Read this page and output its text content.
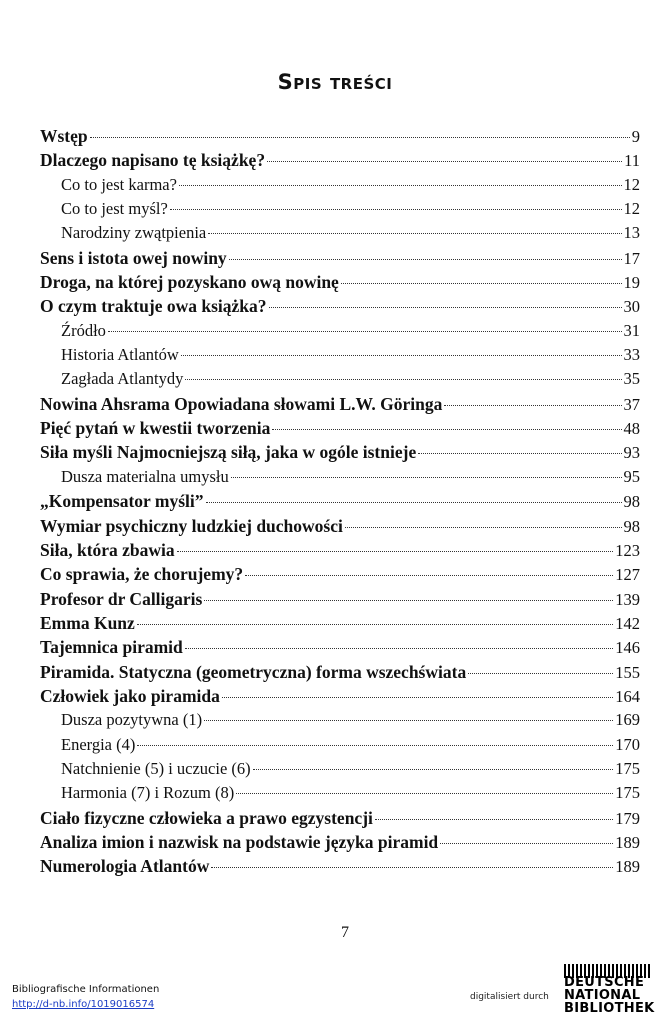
Spis treści
Wstęp	9
Dlaczego napisano tę książkę?	11
Co to jest karma?	12
Co to jest myśl?	12
Narodziny zwątpienia	13
Sens i istota owej nowiny	17
Droga, na której pozyskano ową nowinę	19
O czym traktuje owa książka?	30
Źródło	31
Historia Atlantów	33
Zagłada Atlantydy	35
Nowina Ahsrama Opowiadana słowami L.W. Göringa	37
Pięć pytań w kwestii tworzenia	48
Siła myśli Najmocniejszą siłą, jaka w ogóle istnieje	93
Dusza materialna umysłu	95
„Kompensator myśli”	98
Wymiar psychiczny ludzkiej duchowości	98
Siła, która zbawia	123
Co sprawia, że chorujemy?	127
Profesor dr Calligaris	139
Emma Kunz	142
Tajemnica piramid	146
Piramida. Statyczna (geometryczna) forma wszechświata	155
Człowiek jako piramida	164
Dusza pozytywna (1)	169
Energia (4)	170
Natchnienie (5) i uczucie (6)	175
Harmonia (7) i Rozum (8)	175
Ciało fizyczne człowieka a prawo egzystencji	179
Analiza imion i nazwisk na podstawie języka piramid	189
Numerologia Atlantów	189
7
Bibliografische Informationen
http://d-nb.info/1019016574
digitalisiert durch
DEUTSCHE
NATIONAL
BIBLIOTHEK
